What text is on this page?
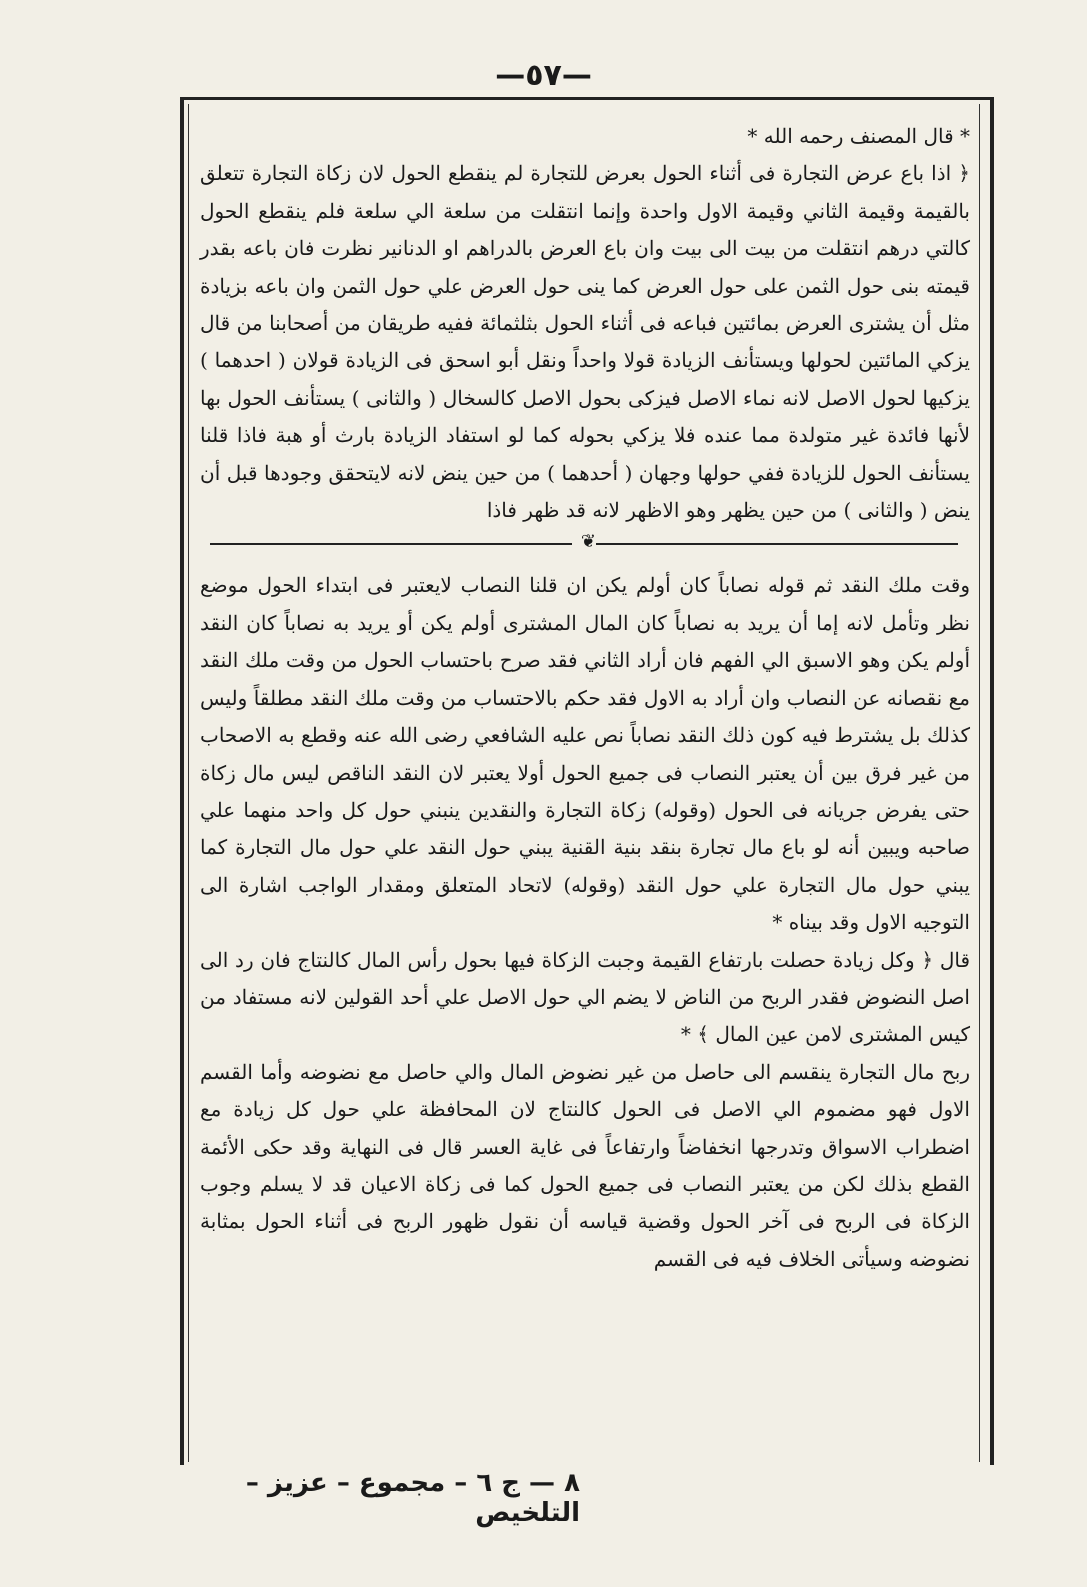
—٥٧—

* قال المصنف رحمه الله *

﴿ اذا باع عرض التجارة فى أثناء الحول بعرض للتجارة لم ينقطع الحول لان زكاة التجارة تتعلق بالقيمة وقيمة الثاني وقيمة الاول واحدة وإنما انتقلت من سلعة الي سلعة فلم ينقطع الحول كالتي درهم انتقلت من بيت الى بيت وان باع العرض بالدراهم او الدنانير نظرت فان باعه بقدر قيمته بنى حول الثمن على حول العرض كما ينى حول العرض علي حول الثمن وان باعه بزيادة مثل أن يشترى العرض بمائتين فباعه فى أثناء الحول بثلثمائة ففيه طريقان من أصحابنا من قال يزكي المائتين لحولها ويستأنف الزيادة قولا واحداً ونقل أبو اسحق فى الزيادة قولان ( احدهما ) يزكيها لحول الاصل لانه نماء الاصل فيزكى بحول الاصل كالسخال ( والثانى ) يستأنف الحول بها لأنها فائدة غير متولدة مما عنده فلا يزكي بحوله كما لو استفاد الزيادة بارث أو هبة فاذا قلنا يستأنف الحول للزيادة ففي حولها وجهان ( أحدهما ) من حين ينض لانه لايتحقق وجودها قبل أن ينض ( والثانى ) من حين يظهر وهو الاظهر لانه قد ظهر فاذا

❦

وقت ملك النقد ثم قوله نصاباً كان أولم يكن ان قلنا النصاب لايعتبر فى ابتداء الحول موضع نظر وتأمل لانه إما أن يريد به نصاباً كان المال المشترى أولم يكن أو يريد به نصاباً كان النقد أولم يكن وهو الاسبق الي الفهم فان أراد الثاني فقد صرح باحتساب الحول من وقت ملك النقد مع نقصانه عن النصاب وان أراد به الاول فقد حكم بالاحتساب من وقت ملك النقد مطلقاً وليس كذلك بل يشترط فيه كون ذلك النقد نصاباً نص عليه الشافعي رضى الله عنه وقطع به الاصحاب من غير فرق بين أن يعتبر النصاب فى جميع الحول أولا يعتبر لان النقد الناقص ليس مال زكاة حتى يفرض جريانه فى الحول (وقوله) زكاة التجارة والنقدين ينبني حول كل واحد منهما علي صاحبه ويبين أنه لو باع مال تجارة بنقد بنية القنية يبني حول النقد علي حول مال التجارة كما يبني حول مال التجارة علي حول النقد (وقوله) لاتحاد المتعلق ومقدار الواجب اشارة الى التوجيه الاول وقد بيناه *

قال ﴿ وكل زيادة حصلت بارتفاع القيمة وجبت الزكاة فيها بحول رأس المال كالنتاج فان رد الى اصل النضوض فقدر الربح من الناض لا يضم الي حول الاصل علي أحد القولين لانه مستفاد من كيس المشترى لامن عين المال ﴾ *

ربح مال التجارة ينقسم الى حاصل من غير نضوض المال والي حاصل مع نضوضه وأما القسم الاول فهو مضموم الي الاصل فى الحول كالنتاج لان المحافظة علي حول كل زيادة مع اضطراب الاسواق وتدرجها انخفاضاً وارتفاعاً فى غاية العسر قال فى النهاية وقد حكى الأئمة القطع بذلك لكن من يعتبر النصاب فى جميع الحول كما فى زكاة الاعيان قد لا يسلم وجوب الزكاة فى الربح فى آخر الحول وقضية قياسه أن نقول ظهور الربح فى أثناء الحول بمثابة نضوضه وسيأتى الخلاف فيه فى القسم

٨ — ج ٦ – مجموع – عزيز – التلخيص
